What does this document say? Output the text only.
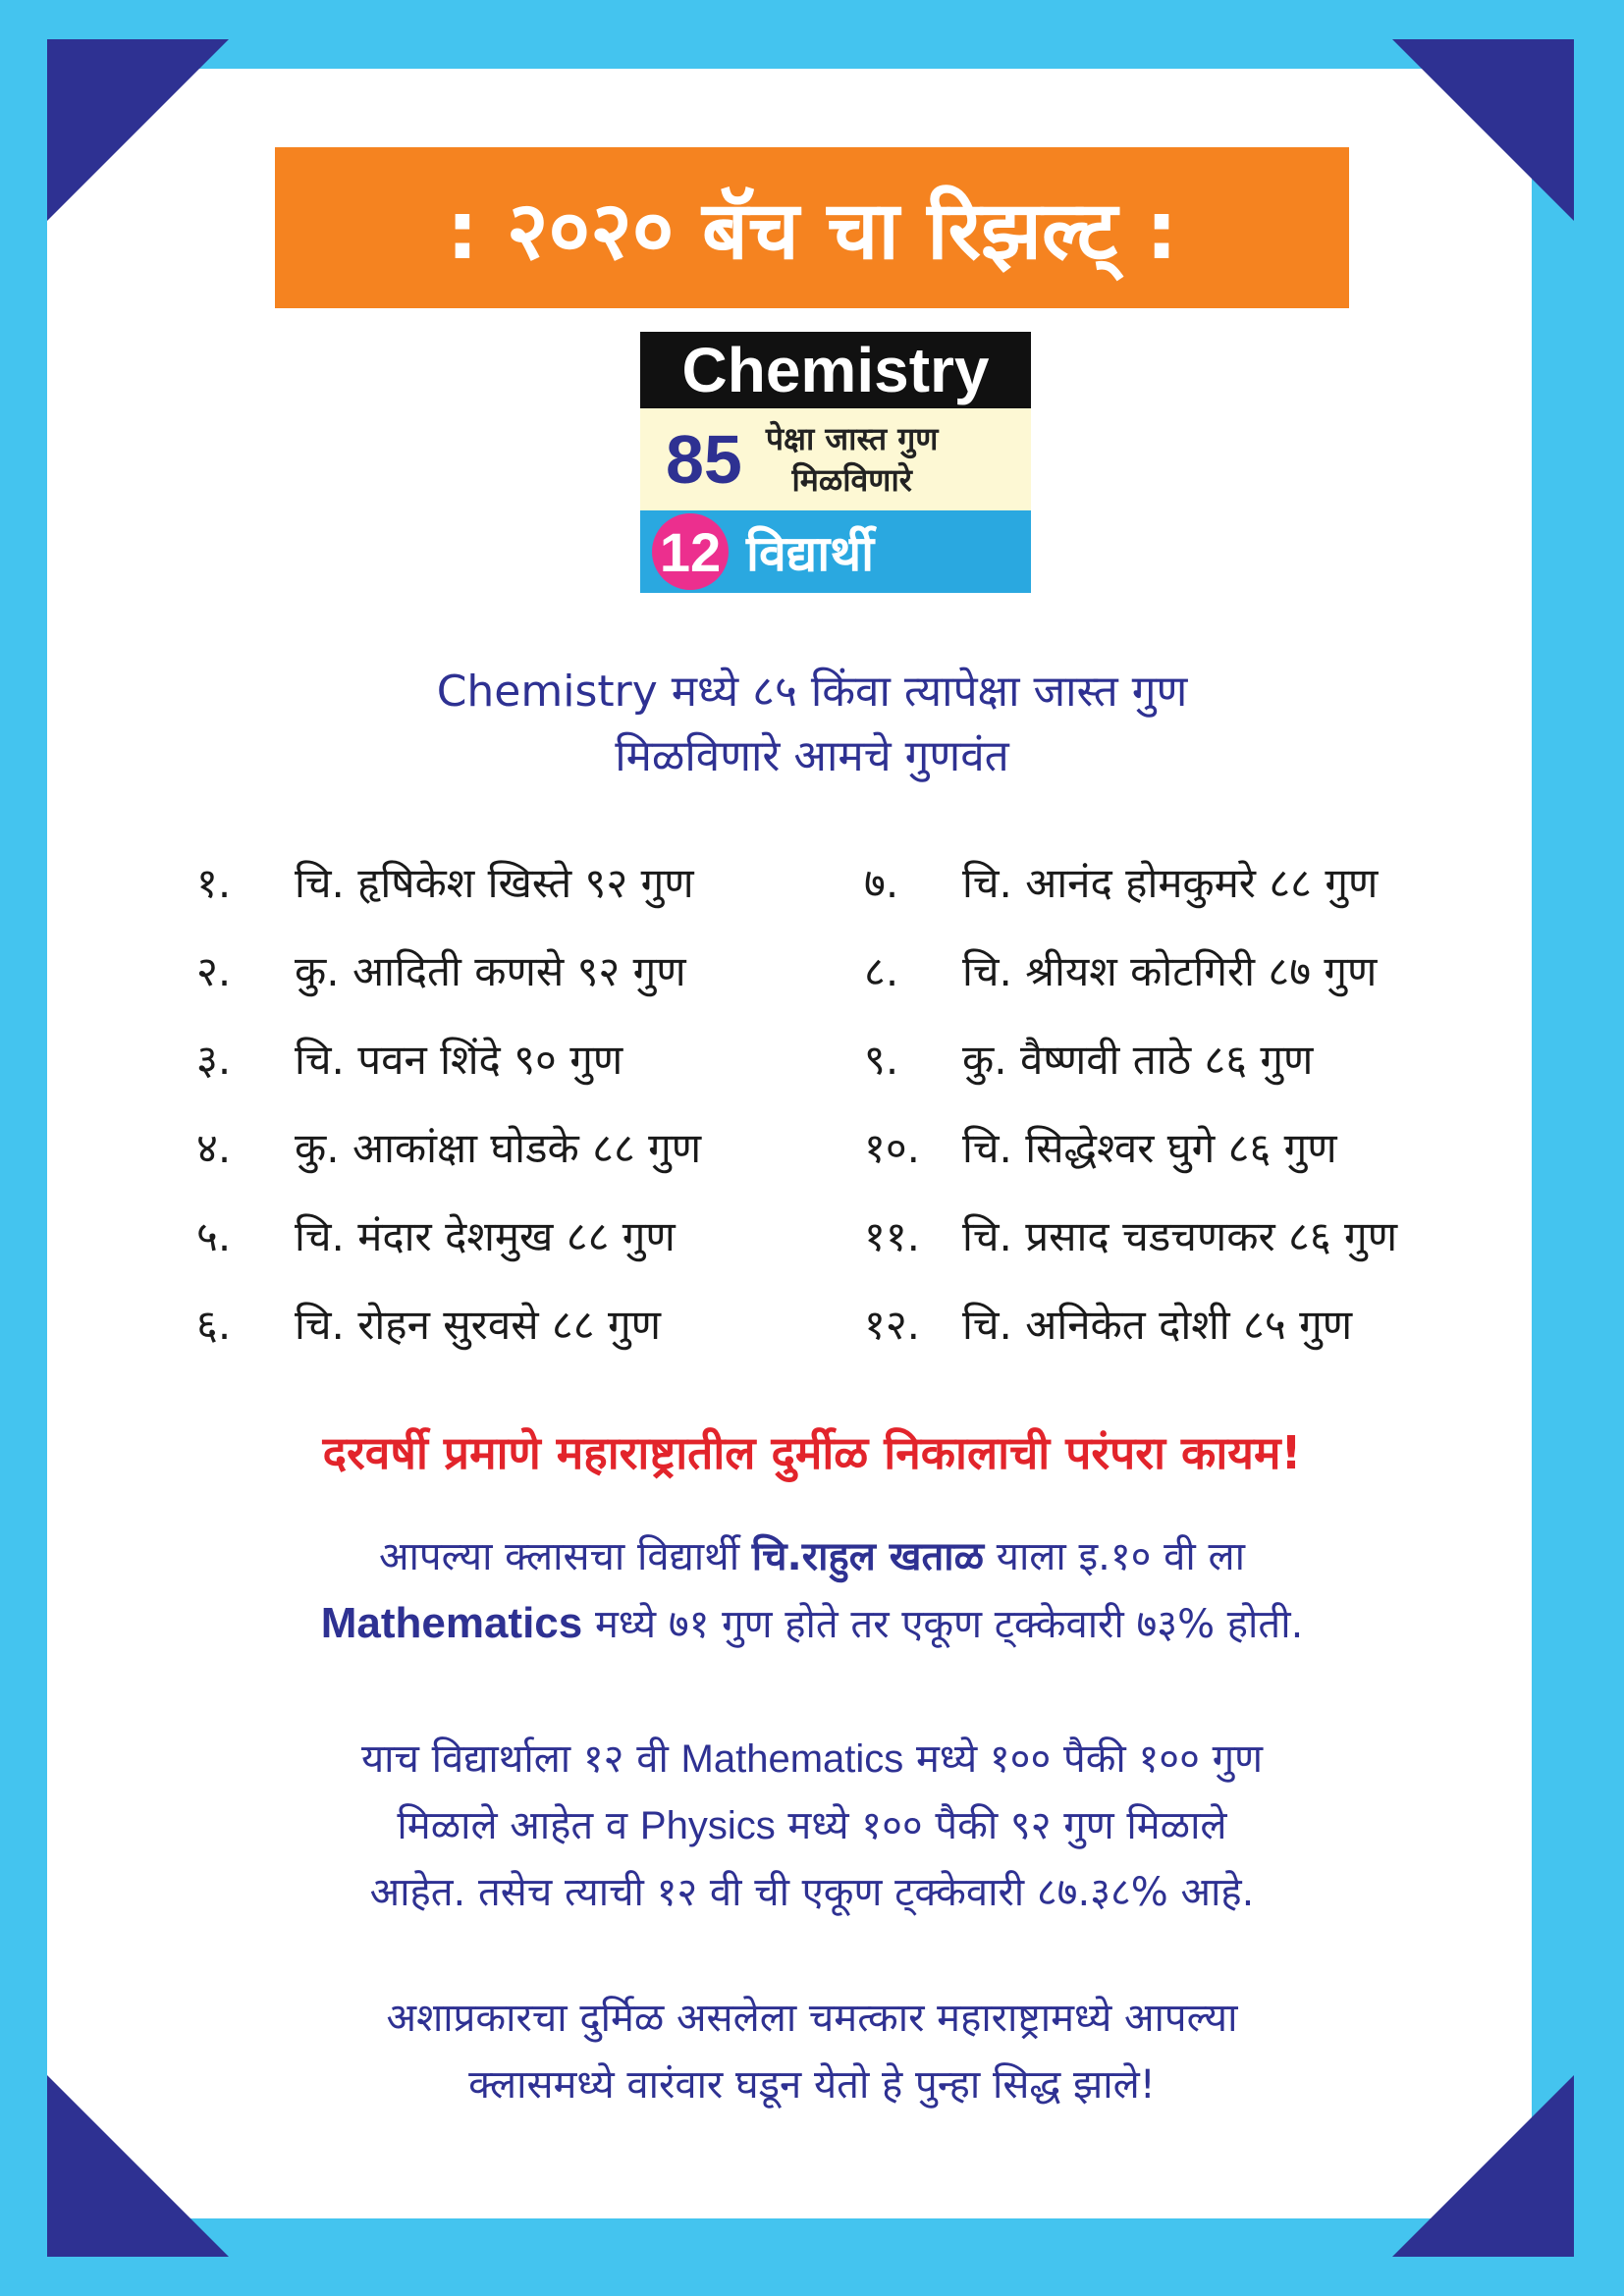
: २०२० बॅच चा रिझल्ट् :
Chemistry
85 पेक्षा जास्त गुण
मिळविणारे
12 विद्यार्थी
Chemistry मध्ये ८५ किंवा त्यापेक्षा जास्त गुण
मिळविणारे आमचे गुणवंत
१. चि. हृषिकेश खिस्ते ९२ गुण
२. कु. आदिती कणसे ९२ गुण
३. चि. पवन शिंदे ९० गुण
४. कु. आकांक्षा घोडके ८८ गुण
५. चि. मंदार देशमुख ८८ गुण
६. चि. रोहन सुरवसे ८८ गुण
७. चि. आनंद होमकुमरे ८८ गुण
८. चि. श्रीयश कोटगिरी ८७ गुण
९. कु. वैष्णवी ताठे ८६ गुण
१०. चि. सिद्धेश्वर घुगे ८६ गुण
११. चि. प्रसाद चडचणकर ८६ गुण
१२. चि. अनिकेत दोशी ८५ गुण
दरवर्षी प्रमाणे महाराष्ट्रातील दुर्मीळ निकालाची परंपरा कायम!
आपल्या क्लासचा विद्यार्थी चि.राहुल खताळ याला इ.१० वी ला
Mathematics मध्ये ७१ गुण होते तर एकूण ट्क्केवारी ७३% होती.
याच विद्यार्थाला १२ वी Mathematics मध्ये १०० पैकी १०० गुण
मिळाले आहेत व Physics मध्ये १०० पैकी ९२ गुण मिळाले
आहेत. तसेच त्याची १२ वी ची एकूण ट्क्केवारी ८७.३८% आहे.
अशाप्रकारचा दुर्मिळ असलेला चमत्कार महाराष्ट्रामध्ये आपल्या
क्लासमध्ये वारंवार घडून येतो हे पुन्हा सिद्ध झाले!
